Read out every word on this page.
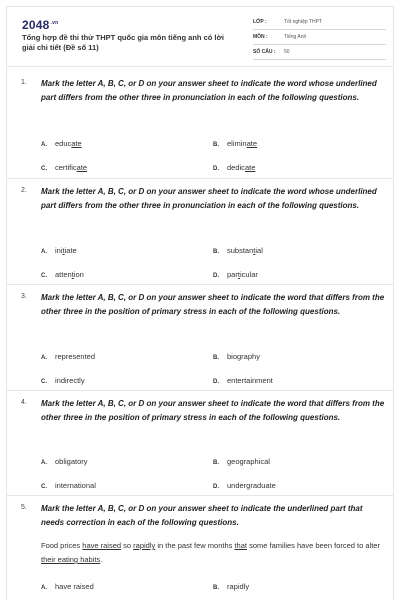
$2048^{.vn}$
Tổng hợp đề thi thử THPT quốc gia môn tiếng anh có lời giải chi tiết (Đề số 11)
LỚP :	Tốt nghiệp THPT
MÔN :	Tiếng Anh
SỐ CÂU : 50
1. Mark the letter A, B, C, or D on your answer sheet to indicate the word whose underlined part differs from the other three in pronunciation in each of the following questions.
A. educate	B. eliminate
C. certificate	D. dedicate
2. Mark the letter A, B, C, or D on your answer sheet to indicate the word whose underlined part differs from the other three in pronunciation in each of the following questions.
A. initiate	B. substantial
C. attention	D. particular
3. Mark the letter A, B, C, or D on your answer sheet to indicate the word that differs from the other three in the position of primary stress in each of the following questions.
A. represented	B. biography
C. indirectly	D. entertainment
4. Mark the letter A, B, C, or D on your answer sheet to indicate the word that differs from the other three in the position of primary stress in each of the following questions.
A. obligatory	B. geographical
C. international	D. undergraduate
5. Mark the letter A, B, C, or D on your answer sheet to indicate the underlined part that needs correction in each of the following questions.
Food prices have raised so rapidly in the past few months that some families have been forced to alter their eating habits.
A. have raised	B. rapidly
